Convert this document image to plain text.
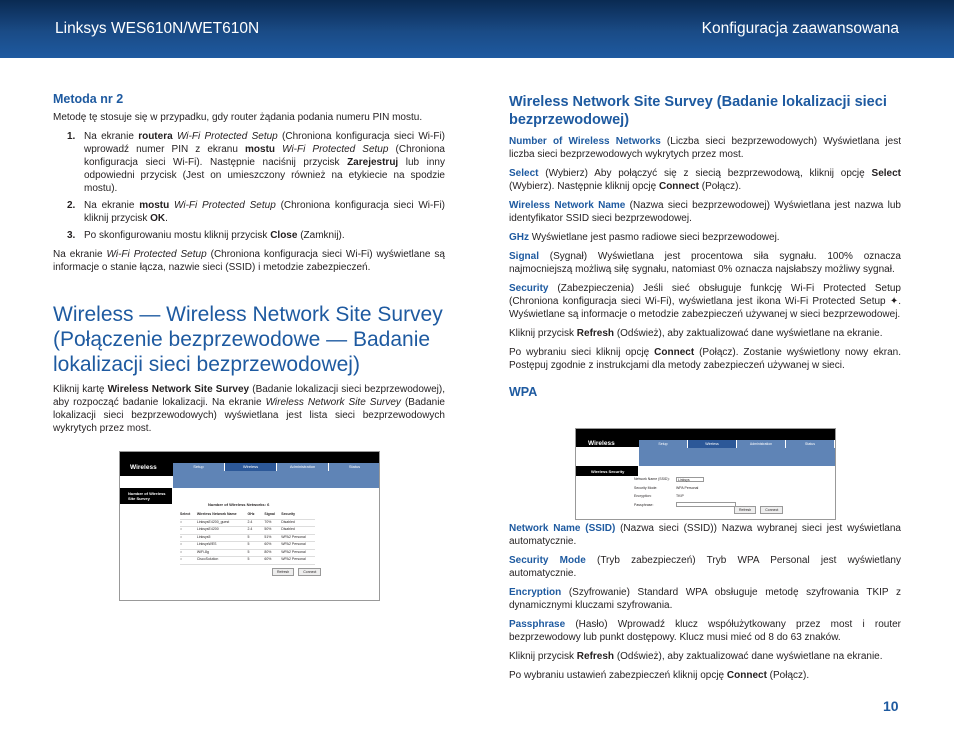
Linksys WES610N/WET610N	Konfiguracja zaawansowana
Metoda nr 2

Metodę tę stosuje się w przypadku, gdy router żądania podania numeru PIN mostu.

1. Na ekranie routera Wi-Fi Protected Setup (Chroniona konfiguracja sieci Wi-Fi) wprowadź numer PIN z ekranu mostu Wi-Fi Protected Setup (Chroniona konfiguracja sieci Wi-Fi). Następnie naciśnij przycisk Zarejestruj lub inny odpowiedni przycisk (Jest on umieszczony również na etykiecie na spodzie mostu).
2. Na ekranie mostu Wi-Fi Protected Setup (Chroniona konfiguracja sieci Wi-Fi) kliknij przycisk OK.
3. Po skonfigurowaniu mostu kliknij przycisk Close (Zamknij).

Na ekranie Wi-Fi Protected Setup (Chroniona konfiguracja sieci Wi-Fi) wyświetlane są informacje o stanie łącza, nazwie sieci (SSID) i metodzie zabezpieczeń.

Wireless — Wireless Network Site Survey (Połączenie bezprzewodowe — Badanie lokalizacji sieci bezprzewodowej)

Kliknij kartę Wireless Network Site Survey (Badanie lokalizacji sieci bezprzewodowej), aby rozpocząć badanie lokalizacji. Na ekranie Wireless Network Site Survey (Badanie lokalizacji sieci bezprzewodowych) wyświetlana jest lista sieci bezprzewodowych wykrytych przez most.

Wireless	Setup	Wireless	Administration	Status
Number of Wireless Site Survey
Number of Wireless Networks: 6
Select	Wireless Network Name	GHz	Signal	Security
○	LinksysE4200_guest	2.4	70%	Disabled
○	LinksysE4200	2.4	50%	Disabled
○	Linksys5	5	51%	WPA2 Personal
○	LinksysWES	5	60%	WPA2 Personal
○	WiFi-8g	5	80%	WPA2 Personal
○	CiscoSolution	5	60%	WPA2 Personal
Refresh	Connect
Wireless Network Site Survey (Badanie lokalizacji sieci bezprzewodowej)

Number of Wireless Networks (Liczba sieci bezprzewodowych) Wyświetlana jest liczba sieci bezprzewodowych wykrytych przez most.

Select (Wybierz) Aby połączyć się z siecią bezprzewodową, kliknij opcję Select (Wybierz). Następnie kliknij opcję Connect (Połącz).

Wireless Network Name (Nazwa sieci bezprzewodowej) Wyświetlana jest nazwa lub identyfikator SSID sieci bezprzewodowej.

GHz Wyświetlane jest pasmo radiowe sieci bezprzewodowej.

Signal (Sygnał) Wyświetlana jest procentowa siła sygnału. 100% oznacza najmocniejszą możliwą siłę sygnału, natomiast 0% oznacza najsłabszy możliwy sygnał.

Security (Zabezpieczenia) Jeśli sieć obsługuje funkcję Wi-Fi Protected Setup (Chroniona konfiguracja sieci Wi-Fi), wyświetlana jest ikona Wi-Fi Protected Setup ✦. Wyświetlane są informacje o metodzie zabezpieczeń używanej w sieci bezprzewodowej.

Kliknij przycisk Refresh (Odśwież), aby zaktualizować dane wyświetlane na ekranie.

Po wybraniu sieci kliknij opcję Connect (Połącz). Zostanie wyświetlony nowy ekran. Postępuj zgodnie z instrukcjami dla metody zabezpieczeń używanej w sieci.

WPA

Network Name (SSID) (Nazwa sieci (SSID)) Nazwa wybranej sieci jest wyświetlana automatycznie.

Security Mode (Tryb zabezpieczeń) Tryb WPA Personal jest wyświetlany automatycznie.

Encryption (Szyfrowanie) Standard WPA obsługuje metodę szyfrowania TKIP z dynamicznymi kluczami szyfrowania.

Passphrase (Hasło) Wprowadź klucz współużytkowany przez most i router bezprzewodowy lub punkt dostępowy. Klucz musi mieć od 8 do 63 znaków.

Kliknij przycisk Refresh (Odśwież), aby zaktualizować dane wyświetlane na ekranie.

Po wybraniu ustawień zabezpieczeń kliknij opcję Connect (Połącz).

Wireless	Setup	Wireless	Administration	Status
Wireless Security
Network Name (SSID):	Linksys
Security Mode:	WPA Personal
Encryption:	TKIP
Passphrase:
Refresh	Connect
10
